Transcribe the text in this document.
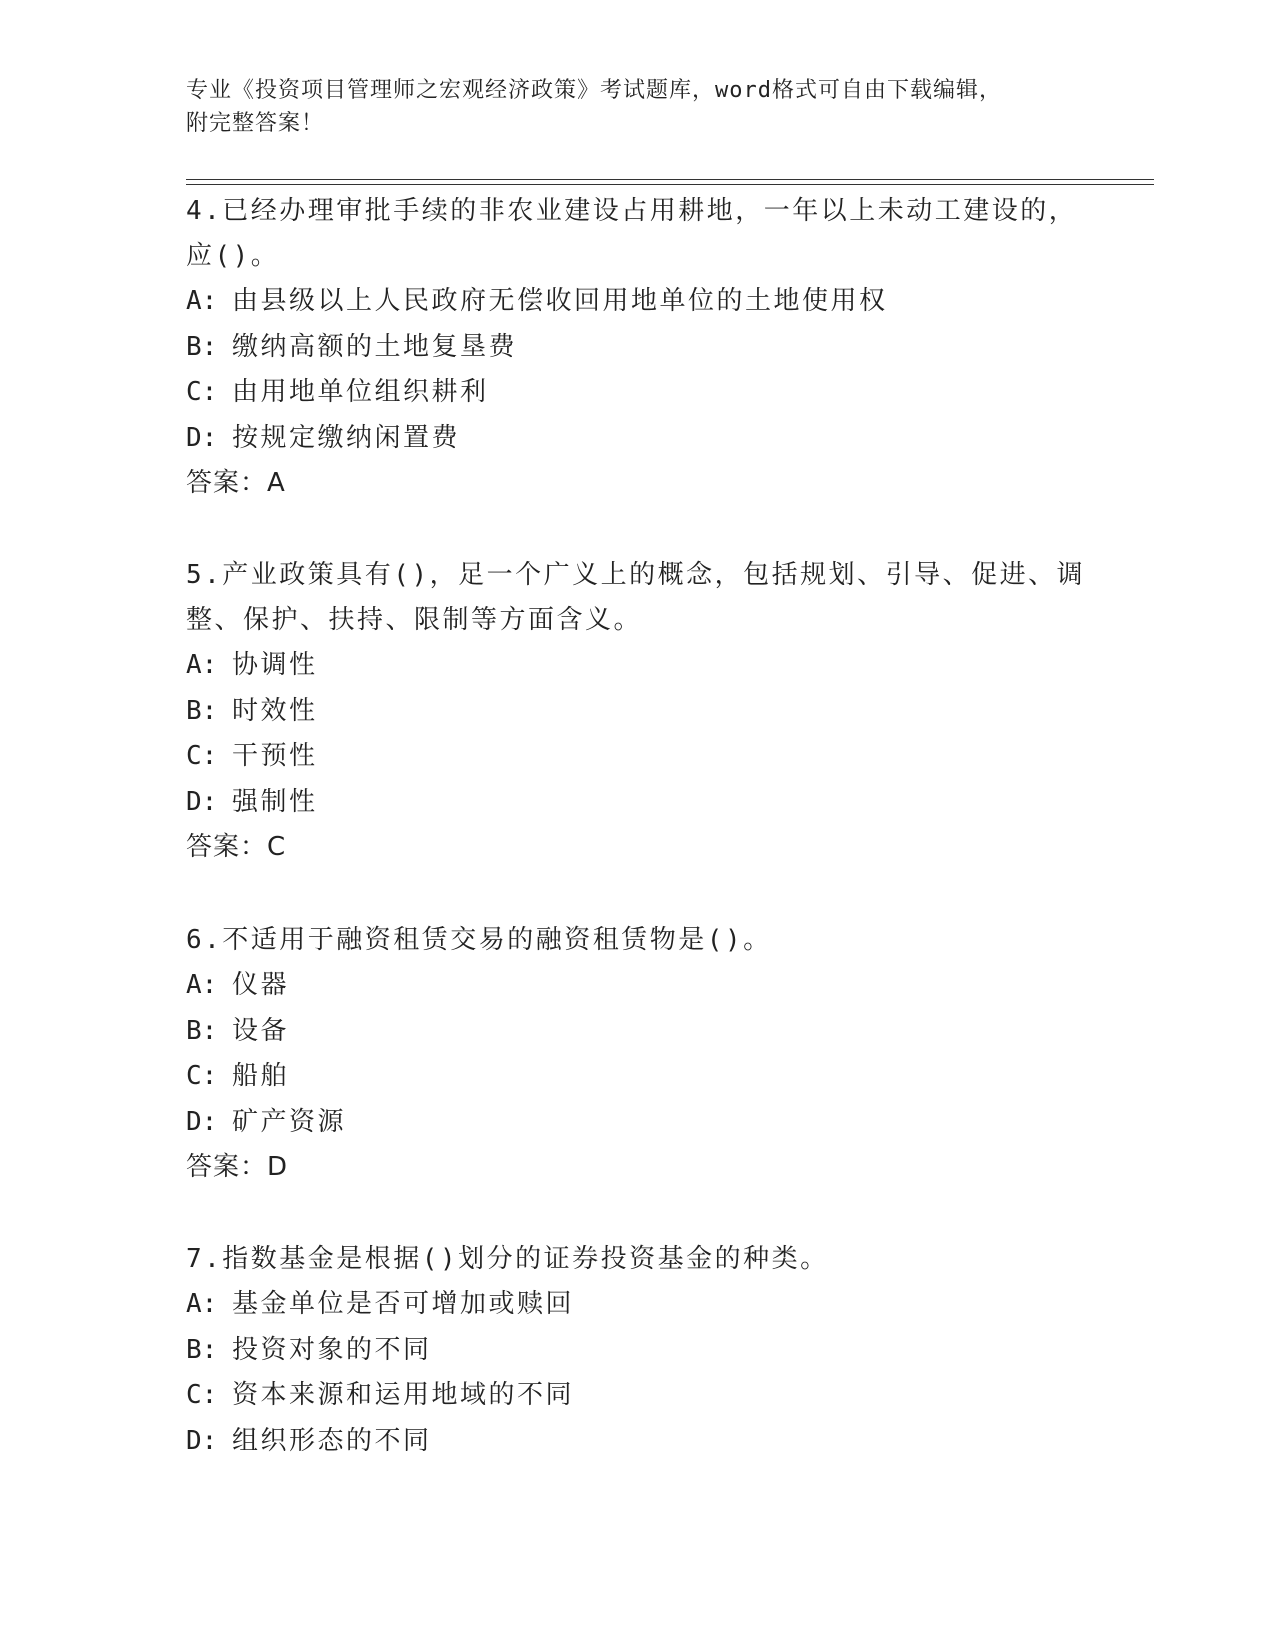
专业《投资项目管理师之宏观经济政策》考试题库，word格式可自由下载编辑，
附完整答案！
4.已经办理审批手续的非农业建设占用耕地，一年以上未动工建设的，应()。
A: 由县级以上人民政府无偿收回用地单位的土地使用权
B: 缴纳高额的土地复垦费
C: 由用地单位组织耕利
D: 按规定缴纳闲置费
答案：A
5.产业政策具有()，足一个广义上的概念，包括规划、引导、促进、调整、保护、扶持、限制等方面含义。
A: 协调性
B: 时效性
C: 干预性
D: 强制性
答案：C
6.不适用于融资租赁交易的融资租赁物是()。
A: 仪器
B: 设备
C: 船舶
D: 矿产资源
答案：D
7.指数基金是根据()划分的证券投资基金的种类。
A: 基金单位是否可增加或赎回
B: 投资对象的不同
C: 资本来源和运用地域的不同
D: 组织形态的不同
